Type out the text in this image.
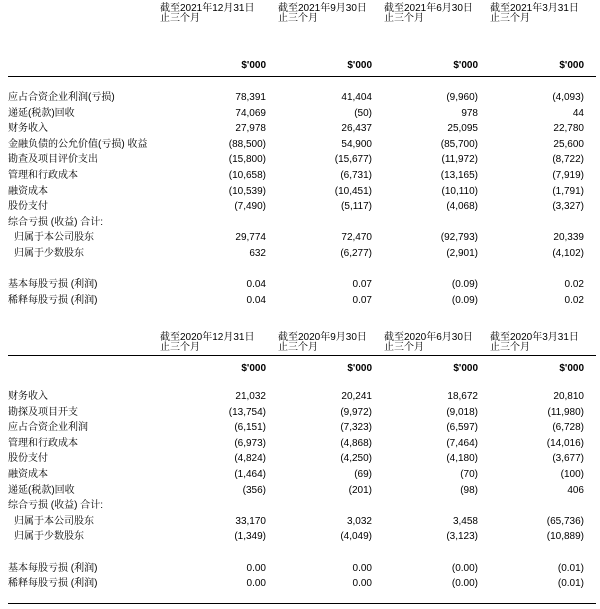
截至2021年12月31日
止三个月
截至2021年9月30日
止三个月
截至2021年6月30日
止三个月
截至2021年3月31日
止三个月
$'000	$'000	$'000	$'000
应占合资企业利润(亏损)	78,391	41,404	(9,960)	(4,093)
递延(税款)回收	74,069	(50)	978	44
财务收入	27,978	26,437	25,095	22,780
金融负债的公允价值(亏损) 收益	(88,500)	54,900	(85,700)	25,600
勘查及项目评价支出	(15,800)	(15,677)	(11,972)	(8,722)
管理和行政成本	(10,658)	(6,731)	(13,165)	(7,919)
融资成本	(10,539)	(10,451)	(10,110)	(1,791)
股份支付	(7,490)	(5,117)	(4,068)	(3,327)
综合亏损 (收益) 合计:
归属于本公司股东	29,774	72,470	(92,793)	20,339
归属于少数股东	632	(6,277)	(2,901)	(4,102)
基本每股亏损 (利润)	0.04	0.07	(0.09)	0.02
稀释每股亏损 (利润)	0.04	0.07	(0.09)	0.02
截至2020年12月31日
止三个月
截至2020年9月30日
止三个月
截至2020年6月30日
止三个月
截至2020年3月31日
止三个月
$'000	$'000	$'000	$'000
财务收入	21,032	20,241	18,672	20,810
勘探及项目开支	(13,754)	(9,972)	(9,018)	(11,980)
应占合资企业利润	(6,151)	(7,323)	(6,597)	(6,728)
管理和行政成本	(6,973)	(4,868)	(7,464)	(14,016)
股份支付	(4,824)	(4,250)	(4,180)	(3,677)
融资成本	(1,464)	(69)	(70)	(100)
递延(税款)回收	(356)	(201)	(98)	406
综合亏损 (收益) 合计:
归属于本公司股东	33,170	3,032	3,458	(65,736)
归属于少数股东	(1,349)	(4,049)	(3,123)	(10,889)
基本每股亏损 (利润)	0.00	0.00	(0.00)	(0.01)
稀释每股亏损 (利润)	0.00	0.00	(0.00)	(0.01)
